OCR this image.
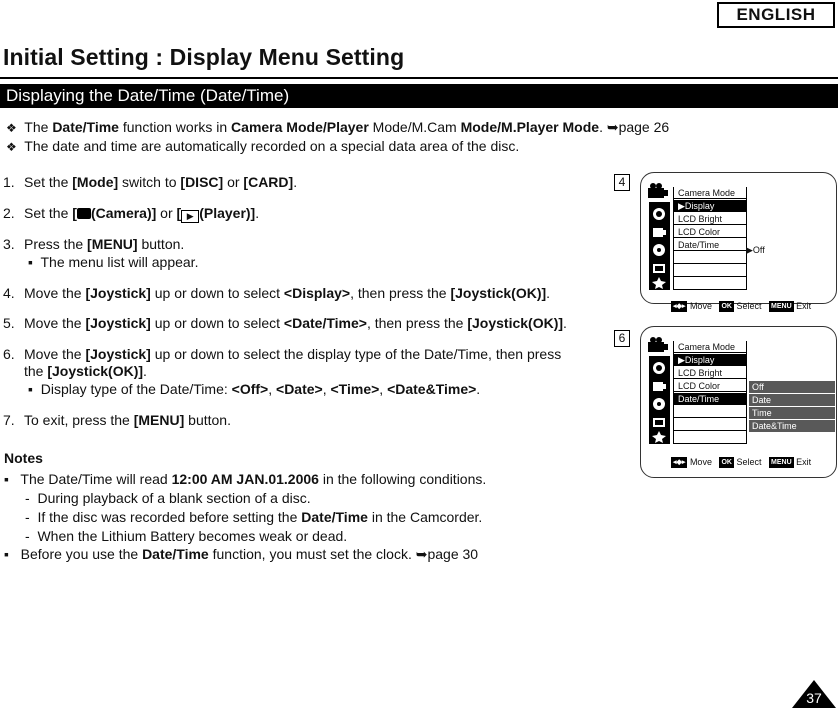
ENGLISH
Initial Setting : Display Menu Setting
Displaying the Date/Time (Date/Time)
❖ The Date/Time function works in Camera Mode/Player Mode/M.Cam Mode/M.Player Mode. ➥page 26
❖ The date and time are automatically recorded on a special data area of the disc.
1. Set the [Mode] switch to [DISC] or [CARD].
2. Set the [ (Camera)] or [ ▶ (Player)].
3. Press the [MENU] button.
▪ The menu list will appear.
4. Move the [Joystick] up or down to select <Display>, then press the [Joystick(OK)].
5. Move the [Joystick] up or down to select <Date/Time>, then press the [Joystick(OK)].
6. Move the [Joystick] up or down to select the display type of the Date/Time, then press
the [Joystick(OK)].
▪ Display type of the Date/Time: <Off>, <Date>, <Time>, <Date&Time>.
7. To exit, press the [MENU] button.
Notes
▪ The Date/Time will read 12:00 AM JAN.01.2006 in the following conditions.
-  During playback of a blank section of a disc.
-  If the disc was recorded before setting the Date/Time in the Camcorder.
-  When the Lithium Battery becomes weak or dead.
▪ Before you use the Date/Time function, you must set the clock. ➥page 30
4
Camera Mode
▶Display
LCD Bright
LCD Color
Date/Time	▶Off
◂◆▸ Move OK Select MENU Exit
6
Camera Mode
▶Display
LCD Bright
LCD Color
Date/Time
Off
Date
Time
Date&Time
◂◆▸ Move OK Select MENU Exit
37
